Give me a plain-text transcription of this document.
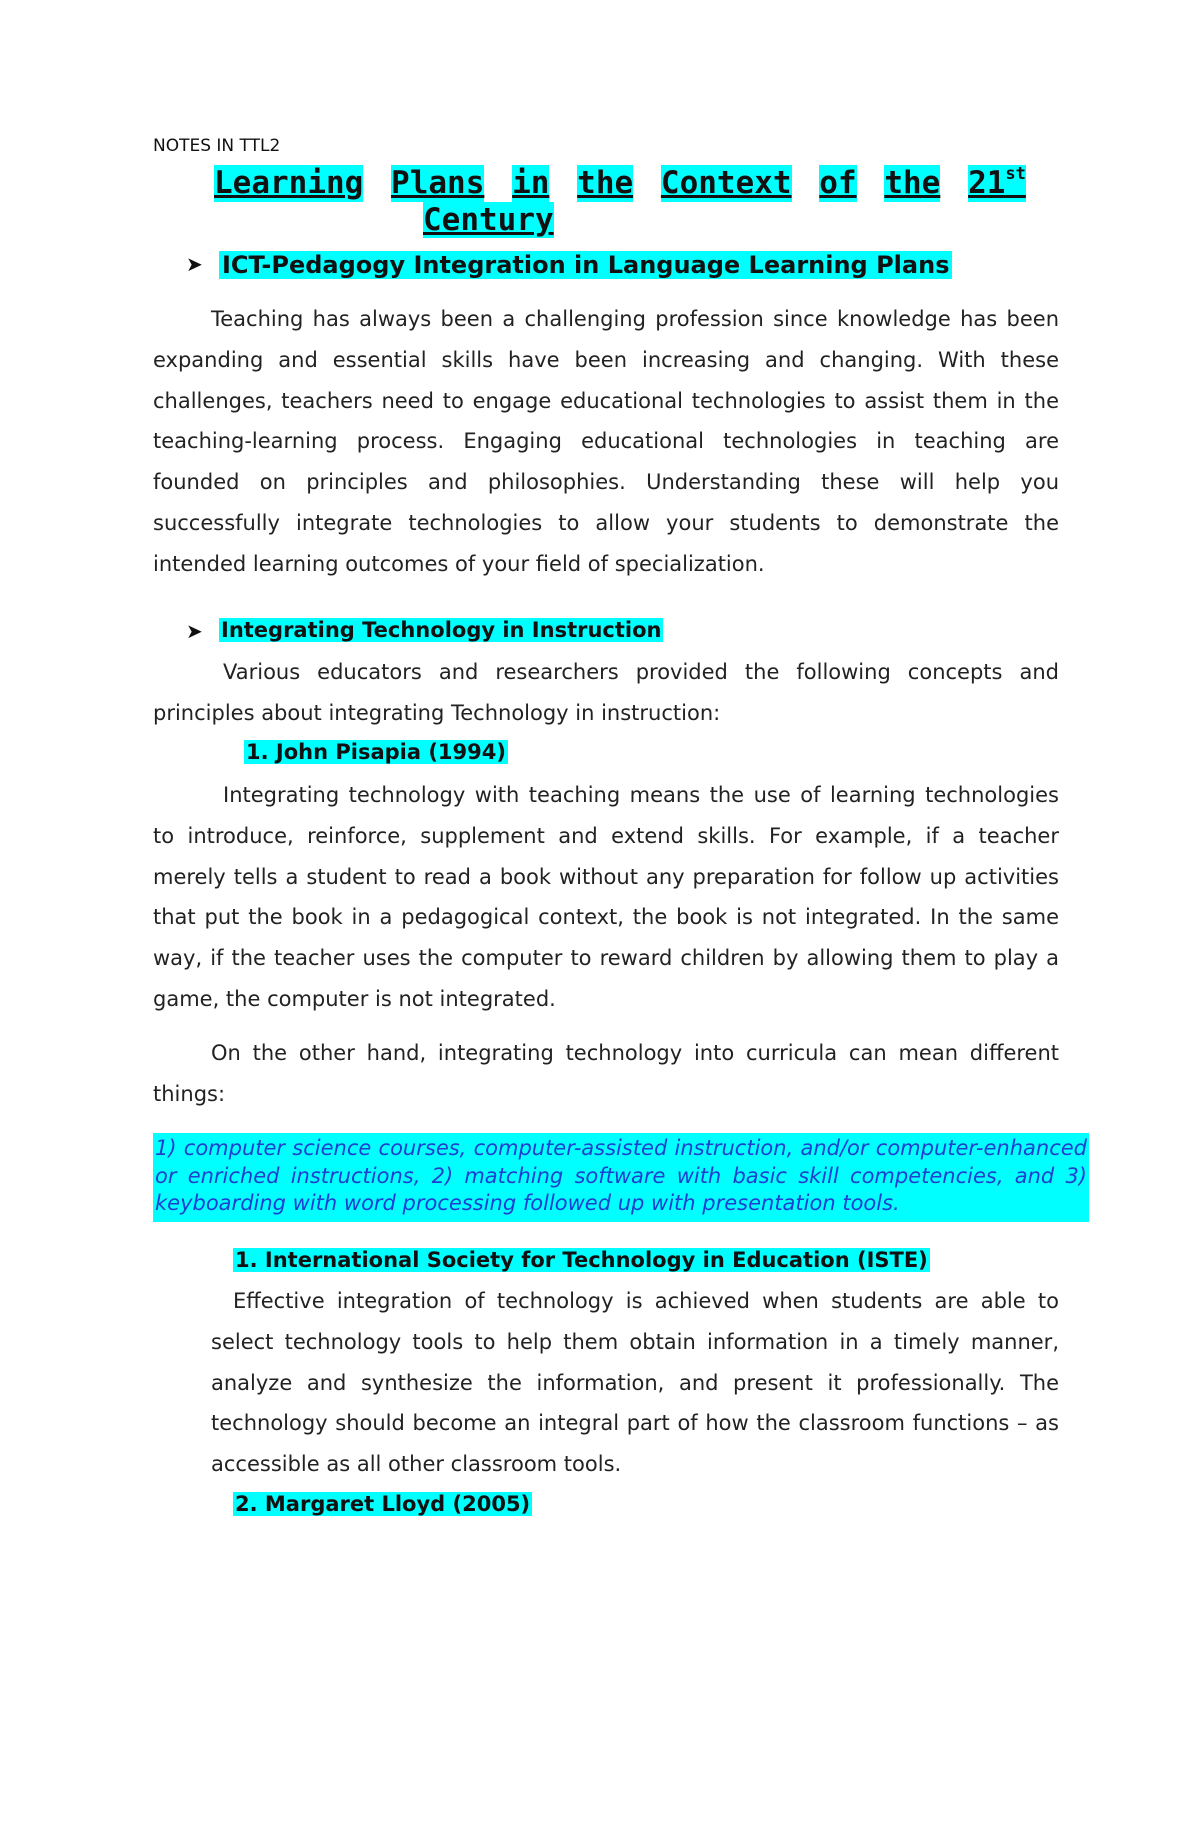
NOTES IN TTL2
Learning Plans in the Context of the 21st
Century
➤ ICT-Pedagogy Integration in Language Learning Plans

Teaching has always been a challenging profession since knowledge has been expanding and essential skills have been increasing and changing. With these challenges, teachers need to engage educational technologies to assist them in the teaching-learning process. Engaging educational technologies in teaching are founded on principles and philosophies. Understanding these will help you successfully integrate technologies to allow your students to demonstrate the intended learning outcomes of your field of specialization.

➤ Integrating Technology in Instruction

Various educators and researchers provided the following concepts and principles about integrating Technology in instruction:

1. John Pisapia (1994)

Integrating technology with teaching means the use of learning technologies to introduce, reinforce, supplement and extend skills. For example, if a teacher merely tells a student to read a book without any preparation for follow up activities that put the book in a pedagogical context, the book is not integrated. In the same way, if the teacher uses the computer to reward children by allowing them to play a game, the computer is not integrated.

On the other hand, integrating technology into curricula can mean different things:

1) computer science courses, computer-assisted instruction, and/or computer-enhanced or enriched instructions, 2) matching software with basic skill competencies, and 3) keyboarding with word processing followed up with presentation tools.
1. International Society for Technology in Education (ISTE)

Effective integration of technology is achieved when students are able to select technology tools to help them obtain information in a timely manner, analyze and synthesize the information, and present it professionally. The technology should become an integral part of how the classroom functions – as accessible as all other classroom tools.

2. Margaret Lloyd (2005)
